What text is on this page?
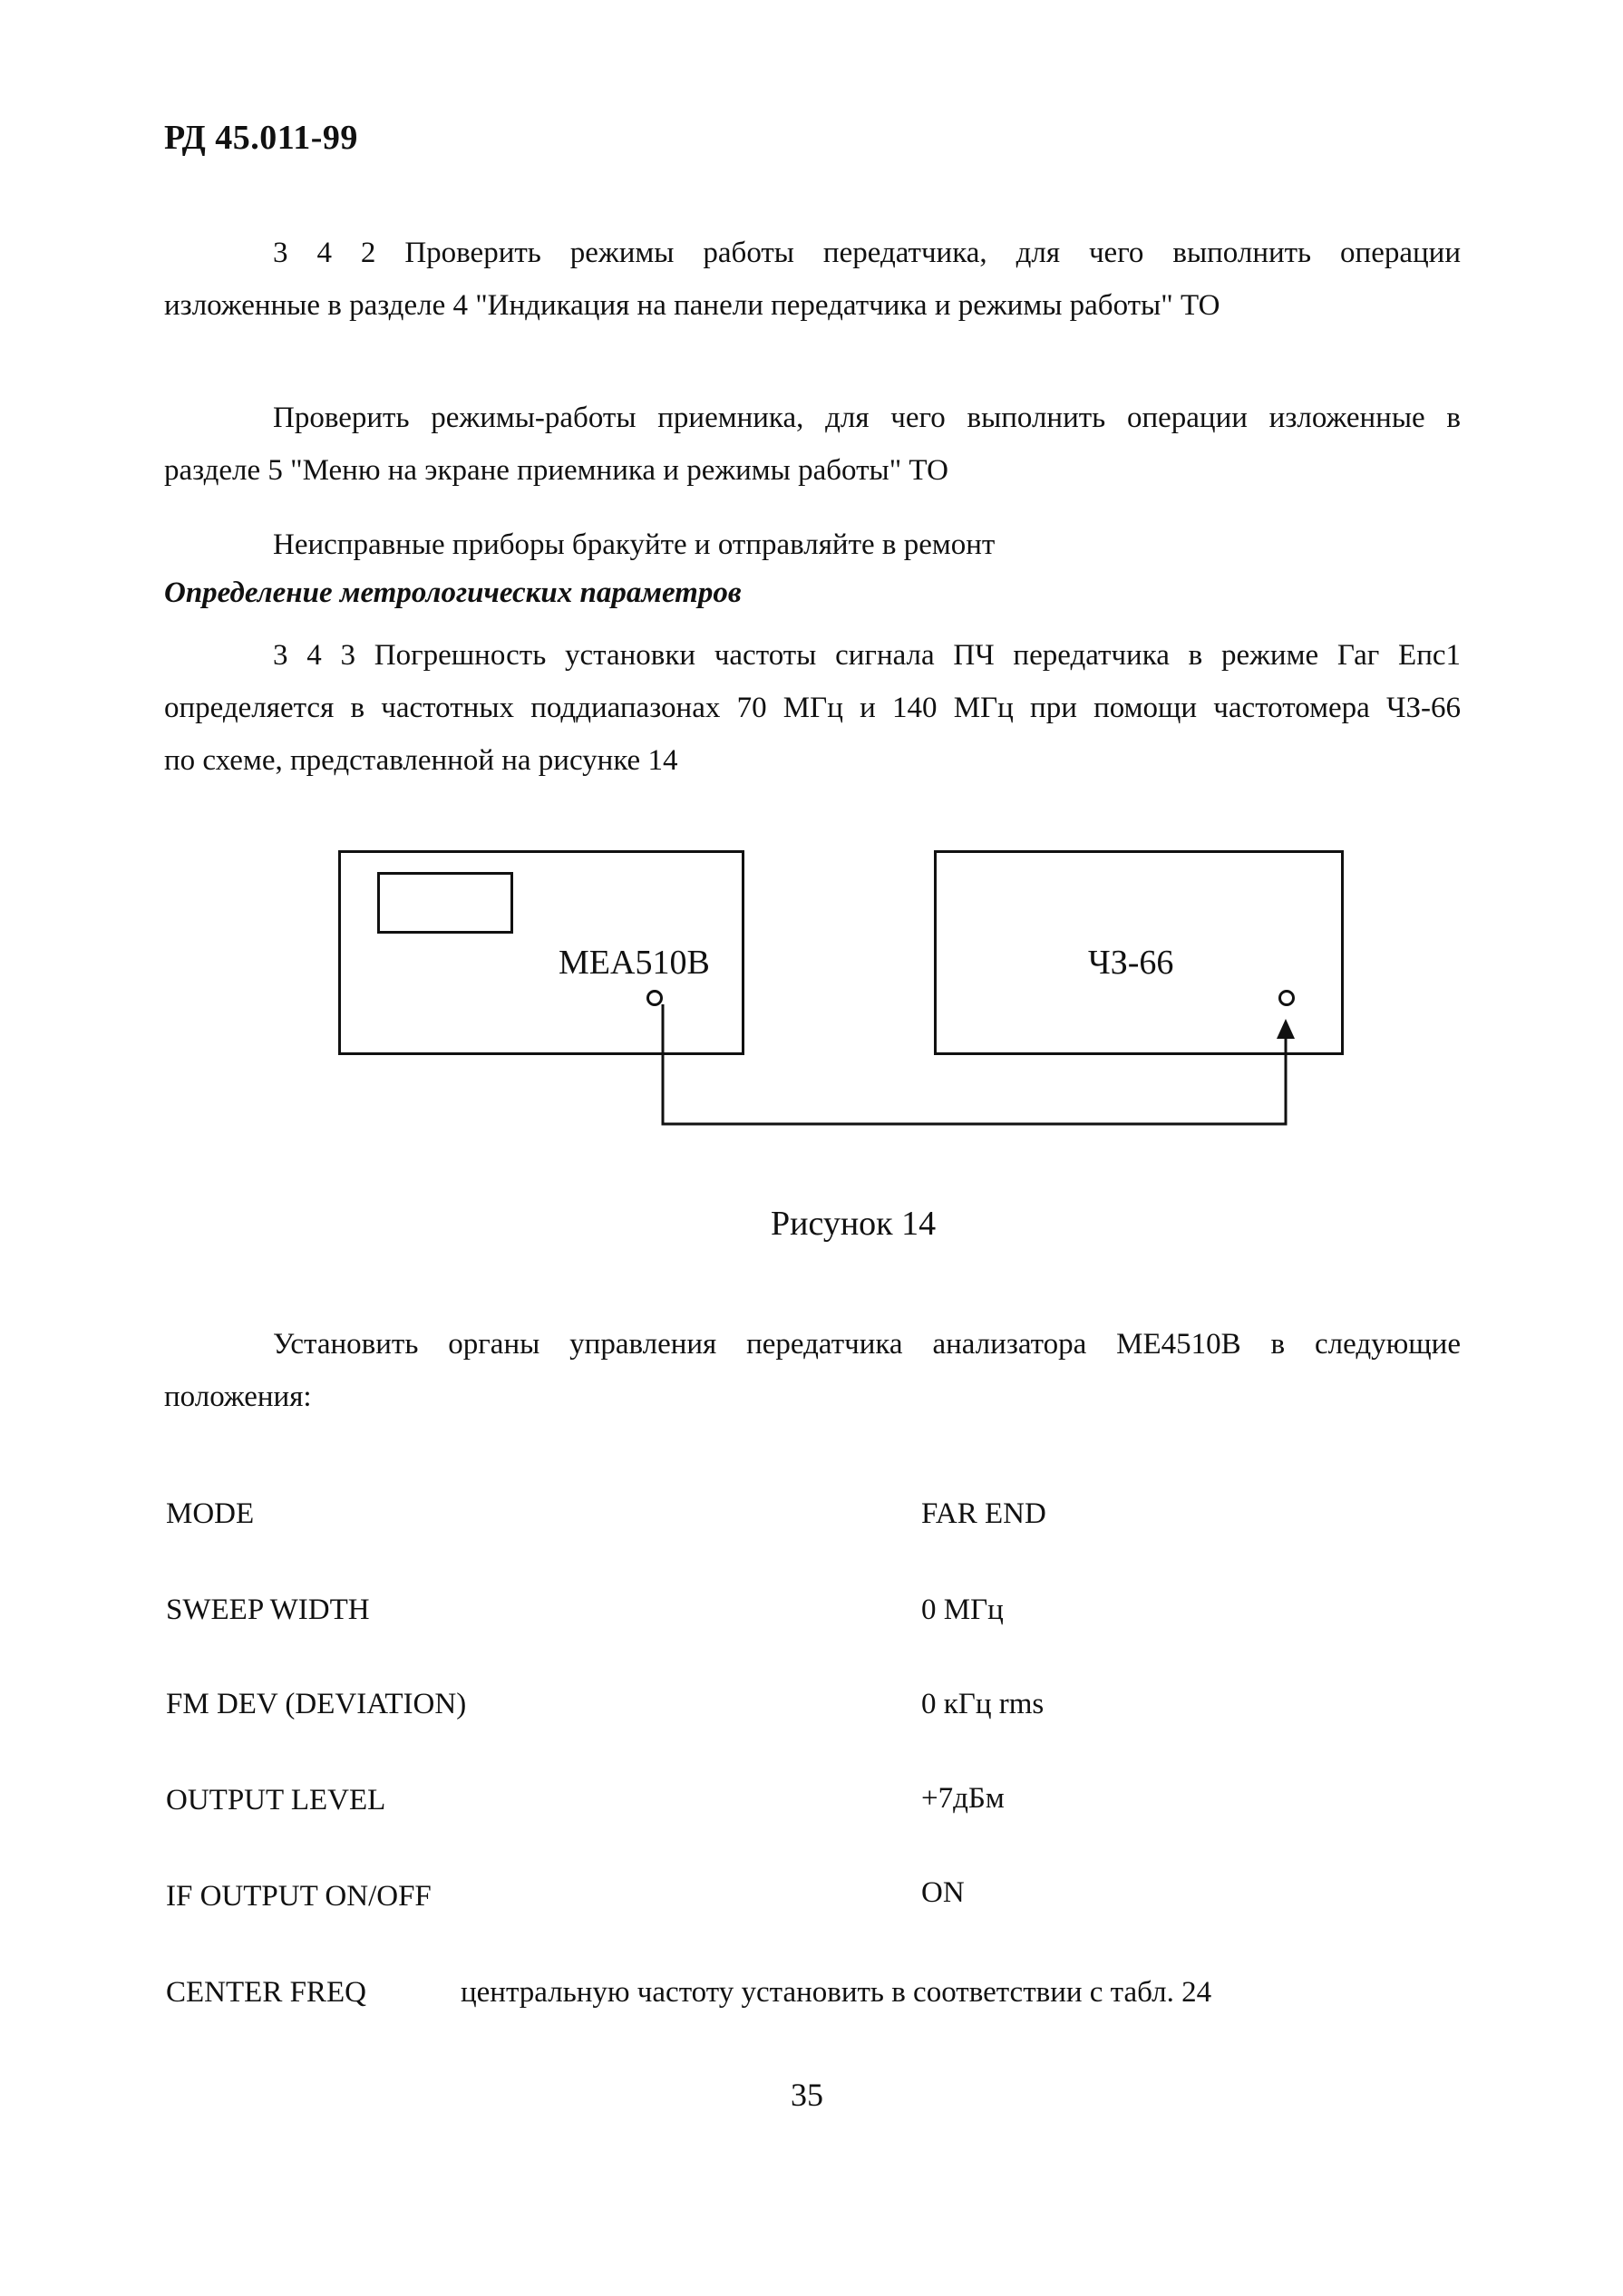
РД 45.011-99
3 4 2 Проверить режимы работы передатчика, для чего выполнить операции
изложенные в разделе 4 "Индикация на панели передатчика и режимы работы" ТО
Проверить режимы-работы приемника, для чего выполнить операции изложенные в
разделе 5 "Меню на экране приемника и режимы работы" ТО
Неисправные приборы бракуйте и отправляйте в ремонт
Определение метрологических параметров
3 4 3 Погрешность установки частоты сигнала ПЧ передатчика в режиме Гаг Епс1
определяется в частотных поддиапазонах 70 МГц и 140 МГц при помощи частотомера ЧЗ-66
по схеме, представленной на рисунке 14
МЕА510В	ЧЗ-66
Рисунок 14
Установить органы управления передатчика анализатора МЕ4510В в следующие
положения:
MODE	FAR END
SWEEP WIDTH	0 МГц
FM DEV (DEVIATION)	0 кГц rms
OUTPUT LEVEL	+7дБм
IF OUTPUT ON/OFF	ON
CENTER FREQ	центральную частоту установить в соответствии с табл. 24
35
